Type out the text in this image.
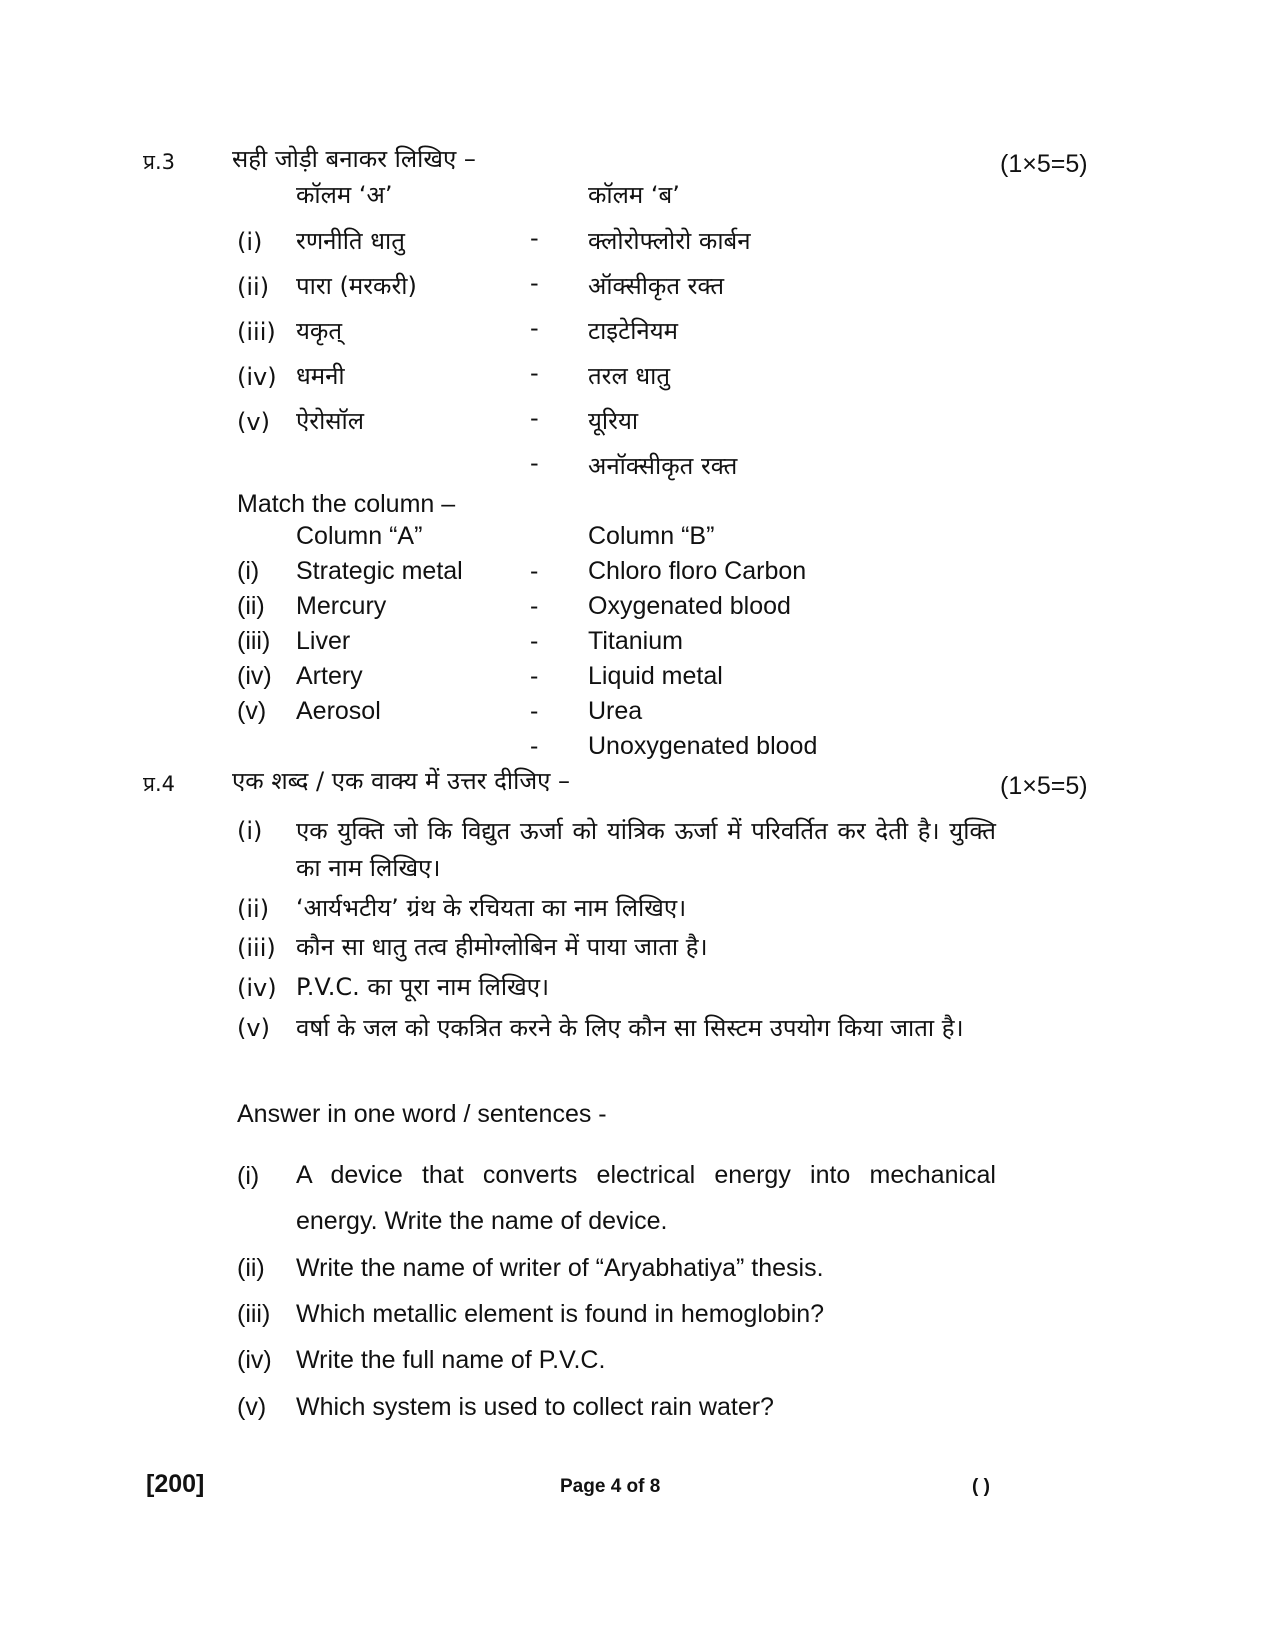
प्र.3 सही जोड़ी बनाकर लिखिए –	(1×5=5)
कॉलम ‘अ’	कॉलम ‘ब’
(i) रणनीति धातु	- क्लोरोफ्लोरो कार्बन
(ii) पारा (मरकरी)	- ऑक्सीकृत रक्त
(iii) यकृत्	- टाइटेनियम
(iv) धमनी	- तरल धातु
(v) ऐरोसॉल	- यूरिया
- अनॉक्सीकृत रक्त
Match the column –
Column “A”	Column “B”
(i) Strategic metal	- Chloro floro Carbon
(ii) Mercury	- Oxygenated blood
(iii) Liver	- Titanium
(iv) Artery	- Liquid metal
(v) Aerosol	- Urea
- Unoxygenated blood
प्र.4 एक शब्द / एक वाक्य में उत्तर दीजिए –	(1×5=5)
(i) एक युक्ति जो कि विद्युत ऊर्जा को यांत्रिक ऊर्जा में परिवर्तित कर देती है। युक्ति का नाम लिखिए।
(ii) ‘आर्यभटीय’ ग्रंथ के रचियता का नाम लिखिए।
(iii) कौन सा धातु तत्व हीमोग्लोबिन में पाया जाता है।
(iv) P.V.C. का पूरा नाम लिखिए।
(v) वर्षा के जल को एकत्रित करने के लिए कौन सा सिस्टम उपयोग किया जाता है।
Answer in one word / sentences -
(i) A device that converts electrical energy into mechanical energy. Write the name of device.
(ii) Write the name of writer of “Aryabhatiya” thesis.
(iii) Which metallic element is found in hemoglobin?
(iv) Write the full name of P.V.C.
(v) Which system is used to collect rain water?
[200]	Page 4 of 8	( )
